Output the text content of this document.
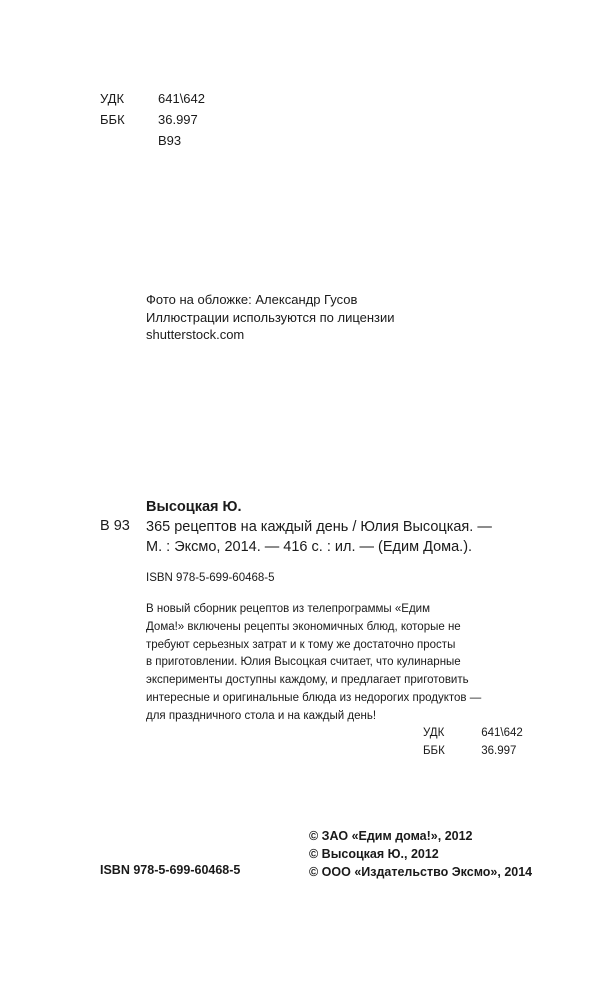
УДК	641\642
ББК	36.997
В93
Фото на обложке: Александр Гусов
Иллюстрации используются по лицензии
shutterstock.com
Высоцкая Ю.
В 93 365 рецептов на каждый день / Юлия Высоцкая. —
М. : Эксмо, 2014. — 416 с. : ил. — (Едим Дома.).
ISBN 978-5-699-60468-5
В новый сборник рецептов из телепрограммы «Едим
Дома!» включены рецепты экономичных блюд, которые не
требуют серьезных затрат и к тому же достаточно просты
в приготовлении. Юлия Высоцкая считает, что кулинарные
эксперименты доступны каждому, и предлагает приготовить
интересные и оригинальные блюда из недорогих продуктов —
для праздничного стола и на каждый день!
УДК	641\642
ББК	36.997
ISBN 978-5-699-60468-5
© ЗАО «Едим дома!», 2012
© Высоцкая Ю., 2012
© ООО «Издательство Эксмо», 2014
